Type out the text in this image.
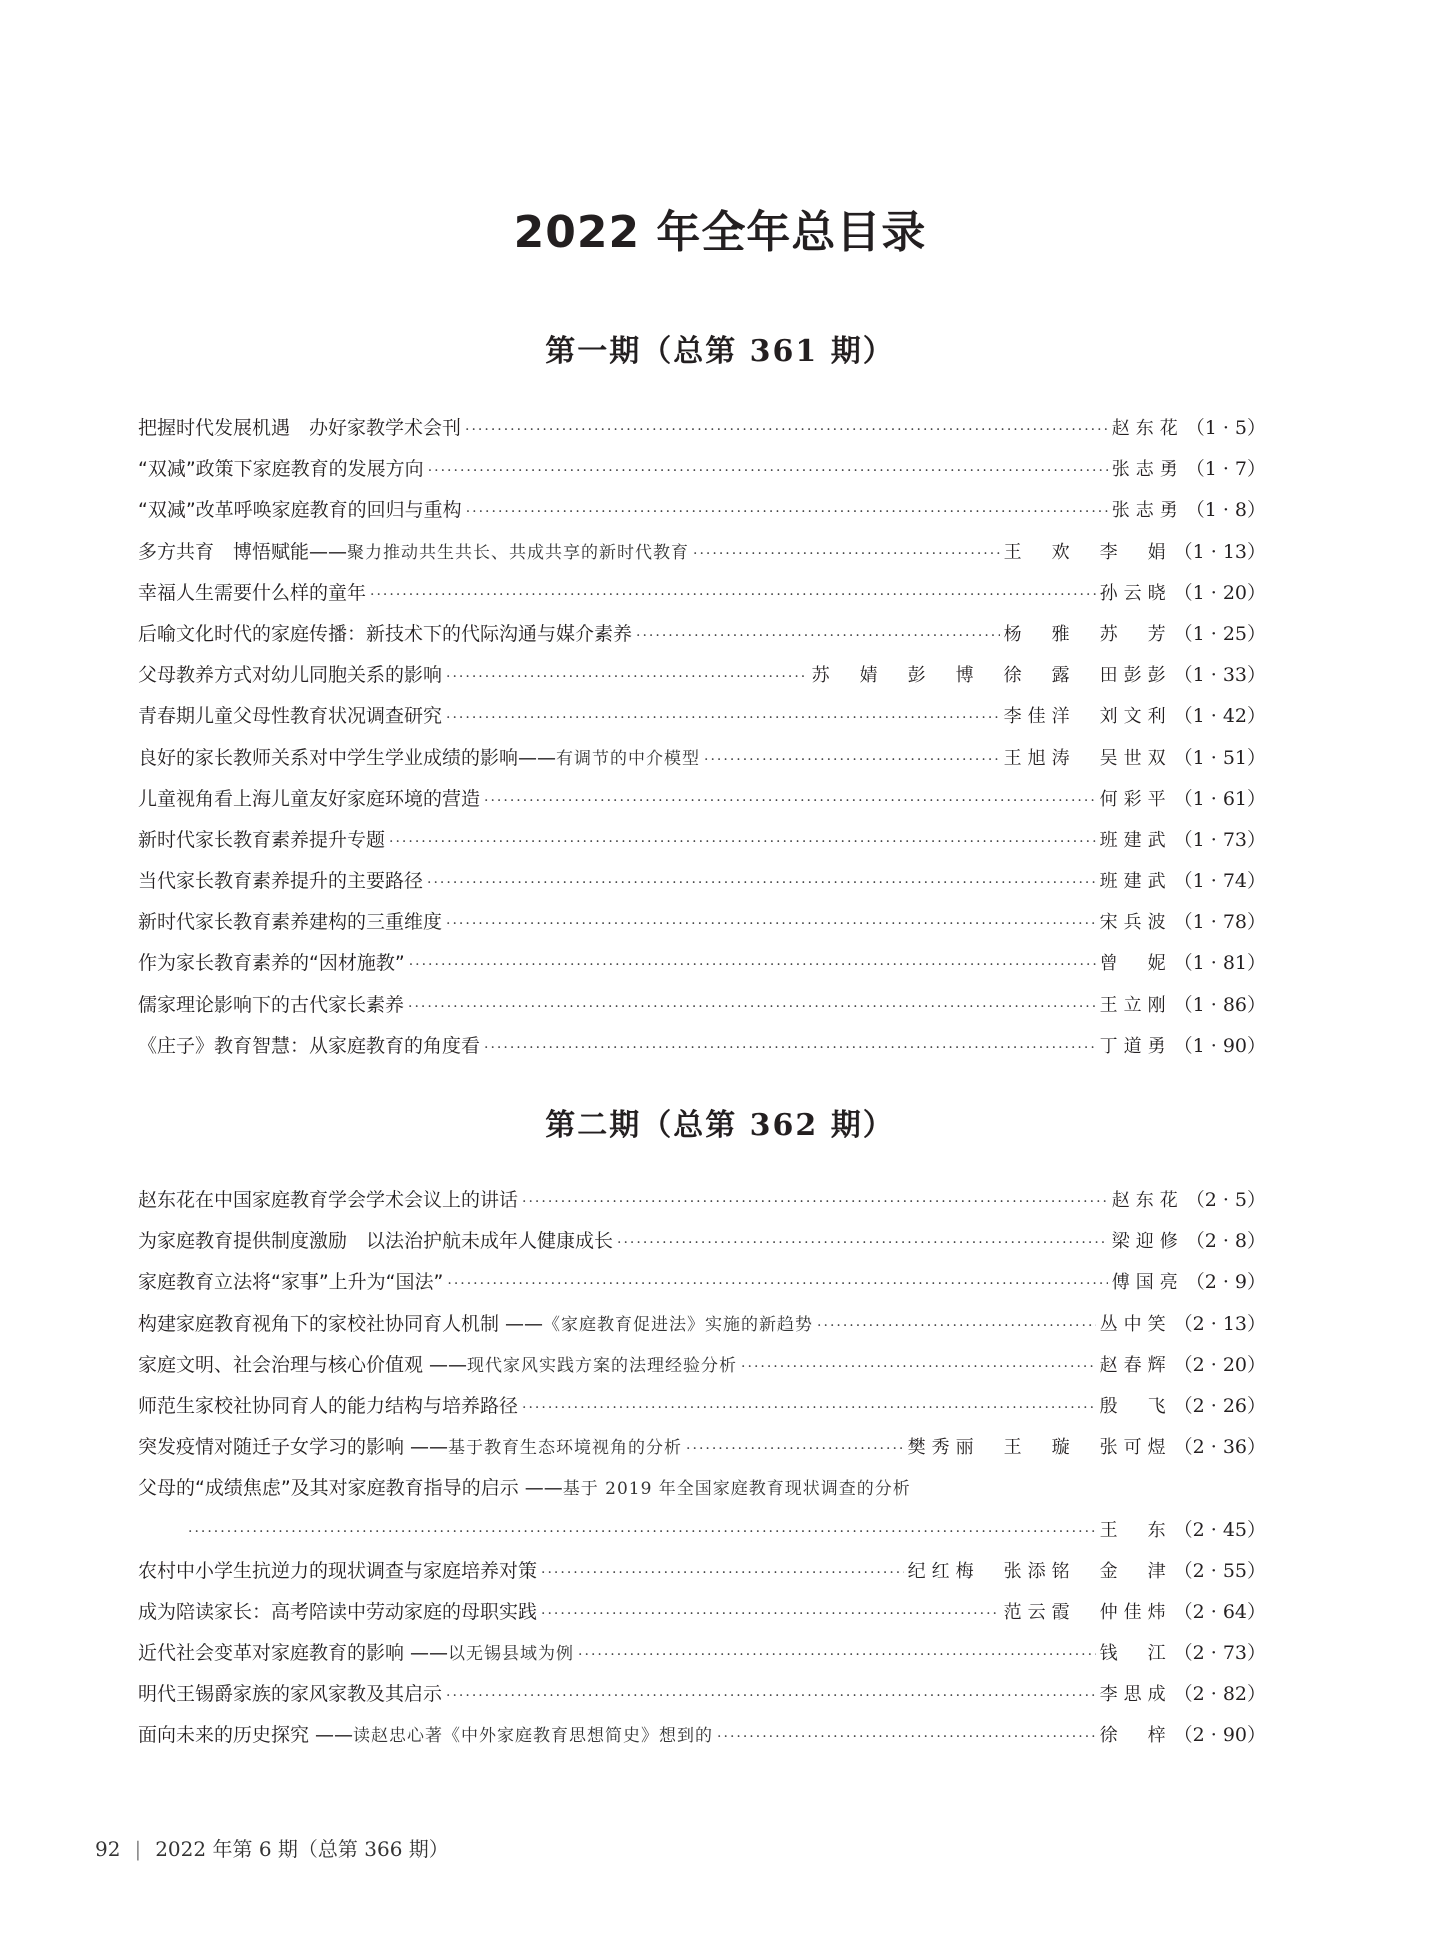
2022 年全年总目录
第一期（总第 361 期）
把握时代发展机遇　办好家教学术会刊 ·····	赵东花 （1 · 5）
“双减”政策下家庭教育的发展方向 ·····	张志勇 （1 · 7）
“双减”改革呼唤家庭教育的回归与重构 ·····	张志勇 （1 · 8）
多方共育　博悟赋能—— 聚力推动共生共长、共成共享的新时代教育 ·····	王　欢　李　娟 （1 · 13）
幸福人生需要什么样的童年 ·····	孙云晓 （1 · 20）
后喻文化时代的家庭传播：新技术下的代际沟通与媒介素养 ·····	杨　雅　苏　芳 （1 · 25）
父母教养方式对幼儿同胞关系的影响 ·····	苏　婧　彭　博　徐　露　田彭彭 （1 · 33）
青春期儿童父母性教育状况调查研究 ·····	李佳洋　刘文利 （1 · 42）
良好的家长教师关系对中学生学业成绩的影响—— 有调节的中介模型 ·····	王旭涛　吴世双 （1 · 51）
儿童视角看上海儿童友好家庭环境的营造 ·····	何彩平 （1 · 61）
新时代家长教育素养提升专题 ·····	班建武 （1 · 73）
当代家长教育素养提升的主要路径 ·····	班建武 （1 · 74）
新时代家长教育素养建构的三重维度 ·····	宋兵波 （1 · 78）
作为家长教育素养的“因材施教” ·····	曾　妮 （1 · 81）
儒家理论影响下的古代家长素养 ·····	王立刚 （1 · 86）
《庄子》教育智慧：从家庭教育的角度看 ·····	丁道勇 （1 · 90）
第二期（总第 362 期）
赵东花在中国家庭教育学会学术会议上的讲话 ·····	赵东花 （2 · 5）
为家庭教育提供制度激励　以法治护航未成年人健康成长 ·····	梁迎修 （2 · 8）
家庭教育立法将“家事”上升为“国法” ·····	傅国亮 （2 · 9）
构建家庭教育视角下的家校社协同育人机制 —— 《家庭教育促进法》实施的新趋势 ·····	丛中笑 （2 · 13）
家庭文明、社会治理与核心价值观 —— 现代家风实践方案的法理经验分析 ·····	赵春辉 （2 · 20）
师范生家校社协同育人的能力结构与培养路径 ·····	殷　飞 （2 · 26）
突发疫情对随迁子女学习的影响 —— 基于教育生态环境视角的分析 ·····	樊秀丽　王　璇　张可煜 （2 · 36）
父母的“成绩焦虑”及其对家庭教育指导的启示 —— 基于 2019 年全国家庭教育现状调查的分析
·····
王　东 （2 · 45）
农村中小学生抗逆力的现状调查与家庭培养对策 ·····	纪红梅　张添铭　金　津 （2 · 55）
成为陪读家长：高考陪读中劳动家庭的母职实践 ·····	范云霞　仲佳炜 （2 · 64）
近代社会变革对家庭教育的影响 —— 以无锡县域为例 ·····	钱　江 （2 · 73）
明代王锡爵家族的家风家教及其启示 ·····	李思成 （2 · 82）
面向未来的历史探究 —— 读赵忠心著《中外家庭教育思想简史》想到的 ·····	徐　梓 （2 · 90）
92 | 2022 年第 6 期（总第 366 期）
